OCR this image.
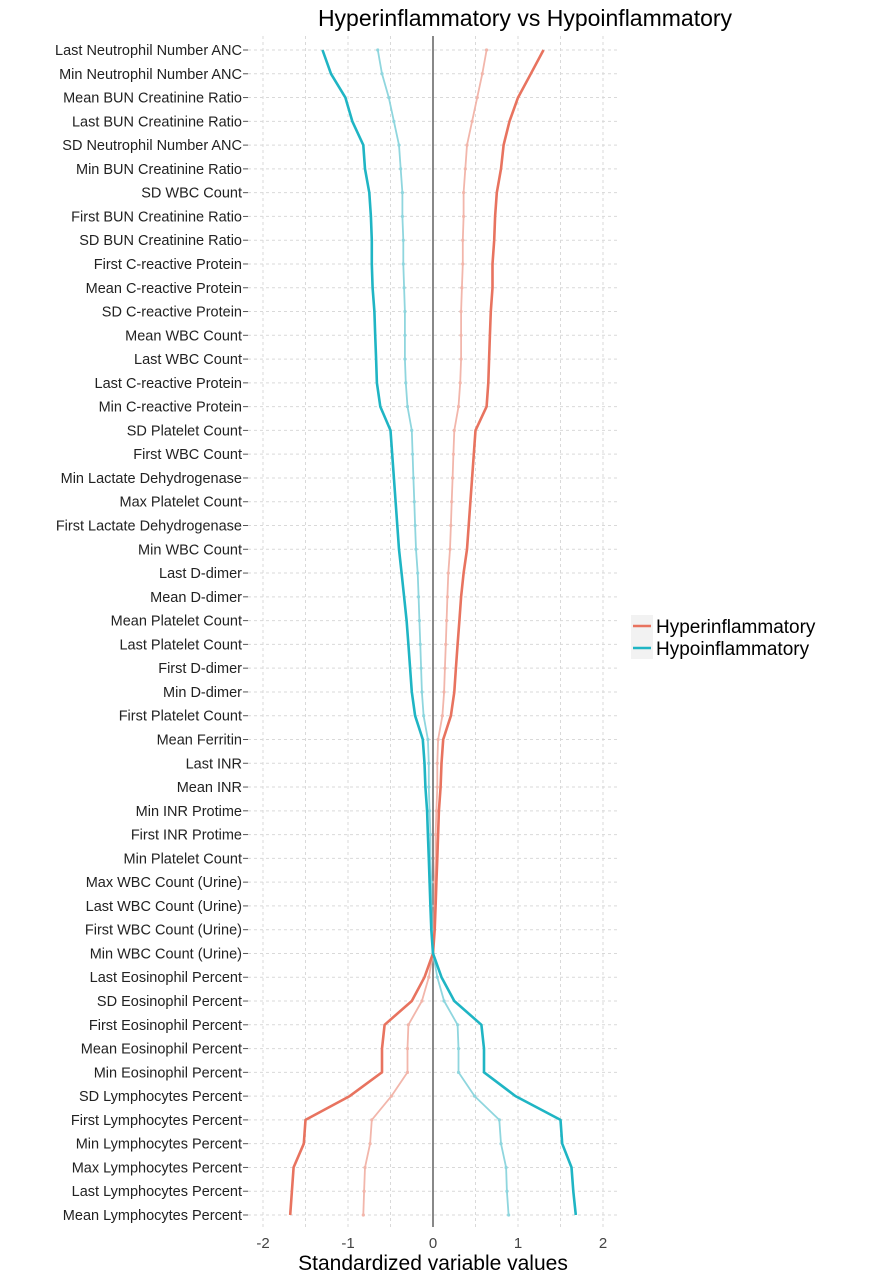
Hyperinflammatory vs Hypoinflammatory
Last Neutrophil Number ANC
Min Neutrophil Number ANC
Mean BUN Creatinine Ratio
Last BUN Creatinine Ratio
SD Neutrophil Number ANC
Min BUN Creatinine Ratio
SD WBC Count
First BUN Creatinine Ratio
SD BUN Creatinine Ratio
First C-reactive Protein
Mean C-reactive Protein
SD C-reactive Protein
Mean WBC Count
Last WBC Count
Last C-reactive Protein
Min C-reactive Protein
SD Platelet Count
First WBC Count
Min Lactate Dehydrogenase
Max Platelet Count
First Lactate Dehydrogenase
Min WBC Count
Last D-dimer
Mean D-dimer
Mean Platelet Count
Last Platelet Count
First D-dimer
Min D-dimer
First Platelet Count
Mean Ferritin
Last INR
Mean INR
Min INR Protime
First INR Protime
Min Platelet Count
Max WBC Count (Urine)
Last WBC Count (Urine)
First WBC Count (Urine)
Min WBC Count (Urine)
Last Eosinophil Percent
SD Eosinophil Percent
First Eosinophil Percent
Mean Eosinophil Percent
Min Eosinophil Percent
SD Lymphocytes Percent
First Lymphocytes Percent
Min Lymphocytes Percent
Max Lymphocytes Percent
Last Lymphocytes Percent
Mean Lymphocytes Percent
-2	-1	0	1	2
Standardized variable values
Hyperinflammatory
Hypoinflammatory
